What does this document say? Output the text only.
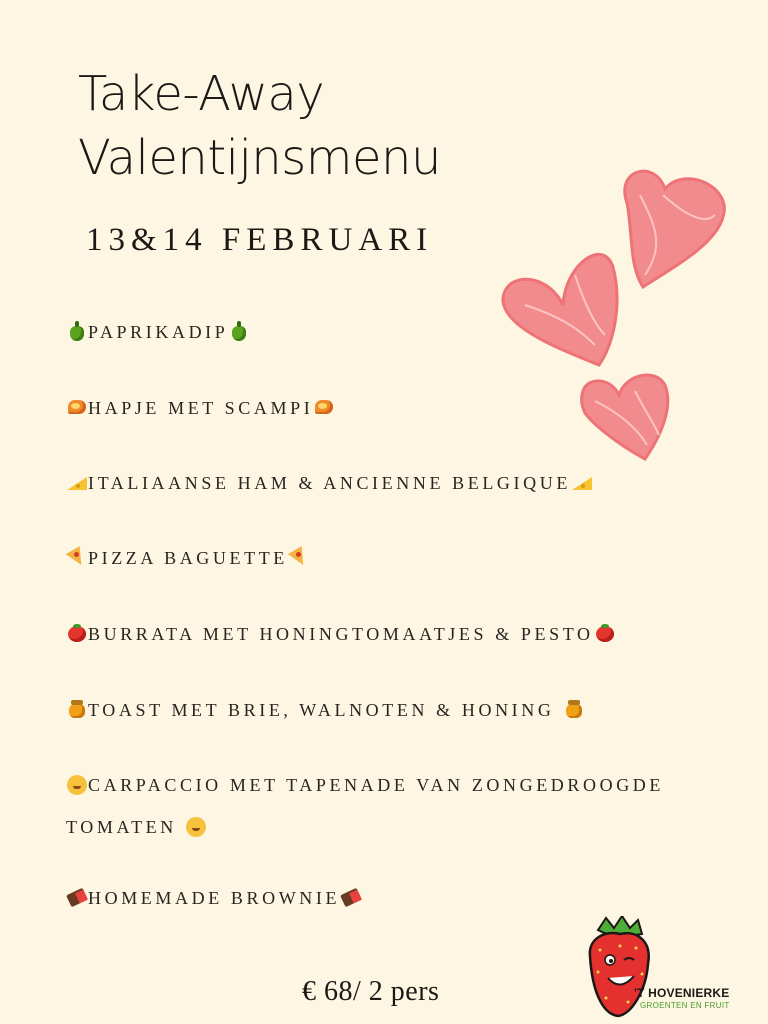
Take-Away
Valentijnsmenu
13&14 FEBRUARI
PAPRIKADIP
HAPJE MET SCAMPI
ITALIAANSE HAM & ANCIENNE BELGIQUE
PIZZA BAGUETTE
BURRATA MET HONINGTOMAATJES & PESTO
TOAST MET BRIE, WALNOTEN & HONING
CARPACCIO MET TAPENADE VAN ZONGEDROOGDE TOMATEN
HOMEMADE BROWNIE
€ 68/ 2 pers	'T HOVENIERKE
GROENTEN EN FRUIT
